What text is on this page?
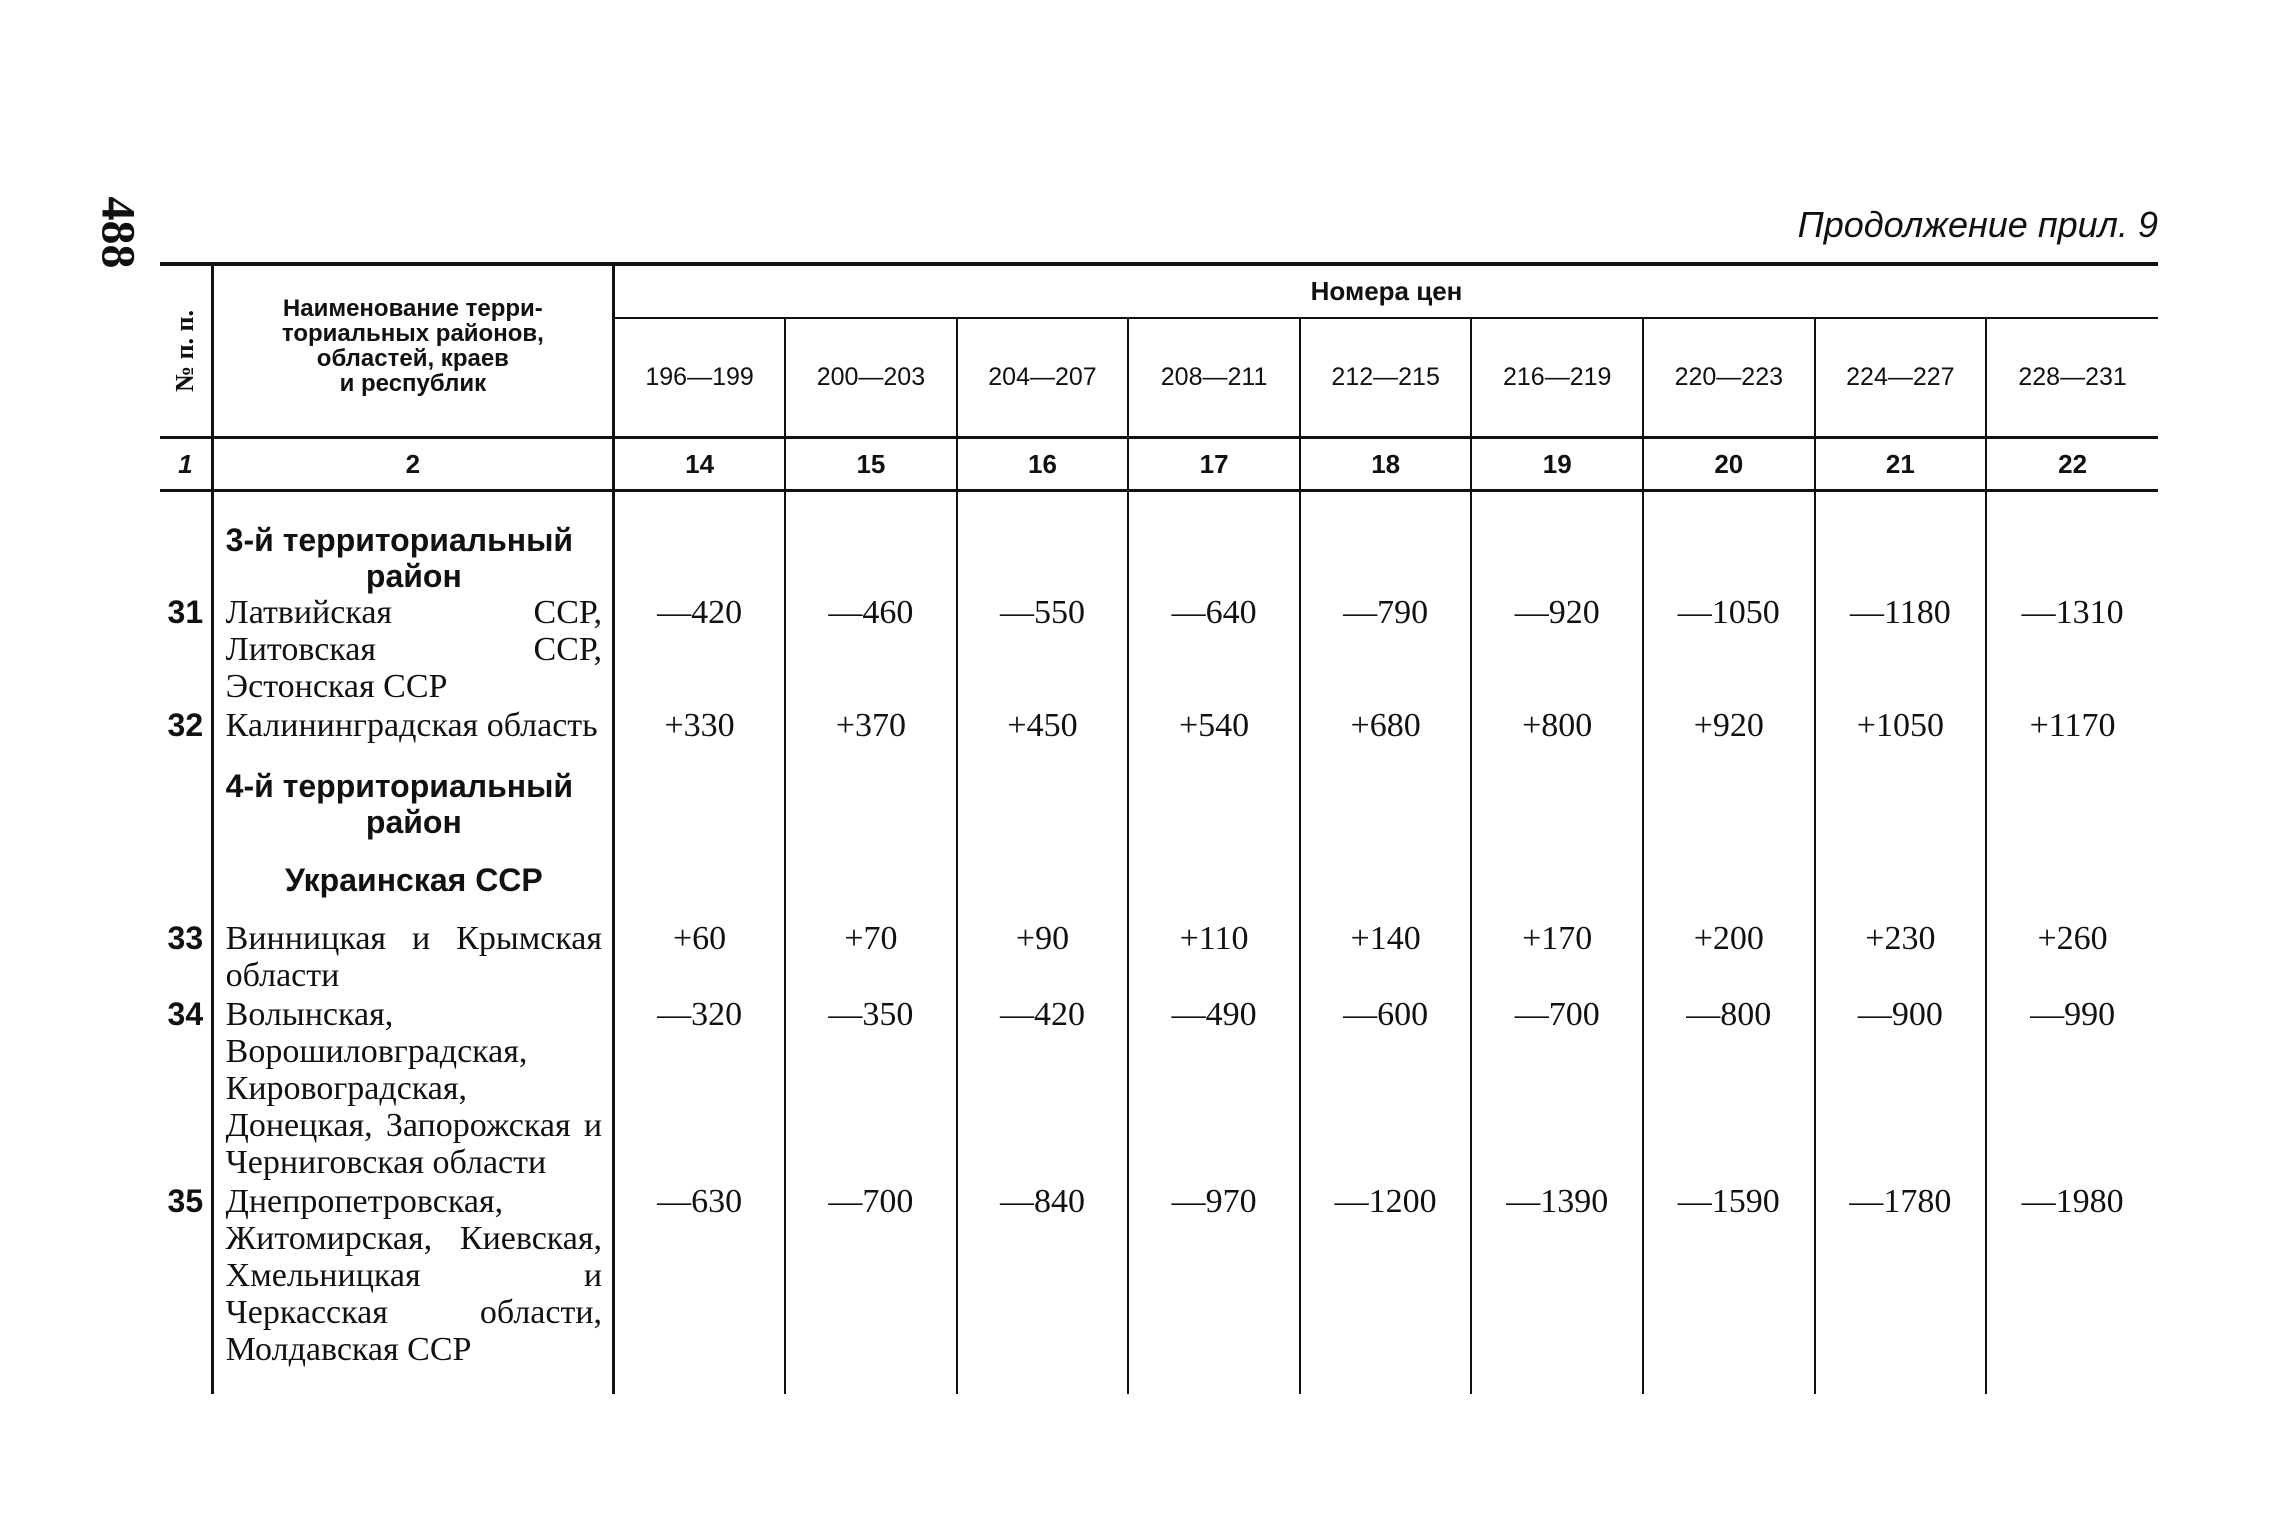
488	Продолжение прил. 9
№ п. п.	Наименование терри-
ториальных районов,
областей, краев
и республик	Номера цен								
		196—199	200—203	204—207	208—211	212—215	216—219	220—223	224—227	228—231
1	2	14	15	16	17	18	19	20	21	22

	3-й территориальный
район									

31	Латвийская ССР, Литовская ССР, Эстонская ССР	—420	—460	—550	—640	—790	—920	—1050	—1180	—1310
32	Калининградская область	+330	+370	+450	+540	+680	+800	+920	+1050	+1170

	4-й территориальный
район									

	Украинская ССР									

33	Винницкая и Крымская области	+60	+70	+90	+110	+140	+170	+200	+230	+260
34	Волынская, Ворошиловградская, Кировоградская, Донецкая, Запорожская и Черниговская области	—320	—350	—420	—490	—600	—700	—800	—900	—990
35	Днепропетровская, Житомирская, Киевская, Хмельницкая и Черкасская области, Молдавская ССР	—630	—700	—840	—970	—1200	—1390	—1590	—1780	—1980
